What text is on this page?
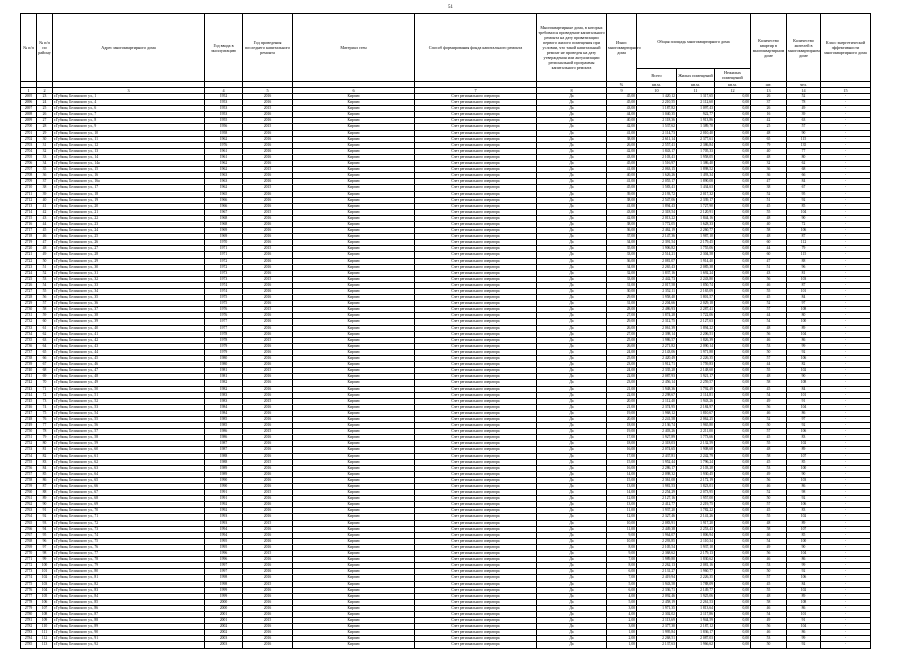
51
№ п/п	№ п/п по району	Адрес многоквартирного дома	Год ввода в эксплуатацию	Год проведения последнего капитального ремонта	Материал стен	Способ формирования фонда капитального ремонта	Многоквартирные дома, в которых требовался проведение капитального ремонта на дату приватизации первого жилого помещения при условии, что такой капитальный ремонт не проведен на дату утверждения или актуализации региональной программы капитального ремонта	Износ многоквартирного дома	Общая площадь многоквартирного дома			Количество квартир в многоквартирном доме	Количество жителей в многоквартирном доме	Класс энергетической эффективности многоквартирного дома
									Всего	Жилых помещений	Нежилых помещений			
								%	кв.м.	кв.м.	кв.м.	шт.	чел.	
1	2	3	4	5	6	7	8	9	10	11	12	13	14	15
2695	23	г.Губкин, Белинского ул., 1	1952	2016	Кирпич	Счет регионального оператора	Да	45,00	1 420,12	1 317,65	0,00	26	52	-
2696	24	г.Губкин, Белинского ул., 4	1953	2016	Кирпич	Счет регионального оператора	Да	45,00	2 210,55	2 112,60	0,00	37	78	-
2697	25	г.Губкин, Белинского ул., 6	1953	2015	Кирпич	Счет регионального оператора	Да	43,00	1 187,82	1 097,43	0,00	26	49	-
2698	26	г.Губкин, Белинского ул., 7	1953	2016	Кирпич	Счет регионального оператора	Да	44,00	1 040,35	922,77	0,00	16	39	-
2699	27	г.Губкин, Белинского ул., 8	1955	2016	Кирпич	Счет регионального оператора	Да	40,00	2 118,36	1 913,86	0,00	42	63	-
2700	28	г.Губкин, Белинского ул., 9	1956	2015	Кирпич	Счет регионального оператора	Да	42,00	1 537,62	1 389,70	0,00	25	57	-
2701	29	г.Губкин, Белинского ул., 10	1958	2016	Кирпич	Счет регионального оператора	Да	41,00	2 114,73	2 010,40	0,00	48	90	-
2702	30	г.Губкин, Белинского ул., 11	1962	2016	Кирпич	Счет регионального оператора	Да	38,00	2 611,14	2 377,61	0,00	65	115	-
2703	31	г.Губкин, Белинского ул., 12	1976	2016	Кирпич	Счет регионального оператора	Да	26,00	2 557,41	2 386,84	0,00	79	135	-
2704	32	г.Губкин, Белинского ул., 13	1961	2016	Кирпич	Счет регионального оператора	Да	42,00	1 843,17	1 705,33	0,00	40	77	-
2705	33	г.Губкин, Белинского ул., 14	1961	2016	Кирпич	Счет регионального оператора	Да	43,00	2 103,41	1 958,05	0,00	48	80	-
2706	34	г.Губкин, Белинского ул., 14а	1962	2016	Кирпич	Счет регионального оператора	Да	45,00	1 516,97	1 386,40	0,00	32	62	-
2707	35	г.Губкин, Белинского ул., 15	1962	2015	Кирпич	Счет регионального оператора	Да	41,00	2 063,15	1 898,52	0,00	36	68	-
2708	36	г.Губкин, Белинского ул., 16	1963	2016	Кирпич	Счет регионального оператора	Да	40,00	1 626,26	1 493,34	0,00	36	66	-
2709	37	г.Губкин, Белинского ул., 16а	1963	2016	Кирпич	Счет регионального оператора	Да	41,00	2 055,17	1 890,08	0,00	47	84	-
2710	38	г.Губкин, Белинского ул., 17	1962	2015	Кирпич	Счет регионального оператора	Да	45,00	1 583,41	1 434,63	0,00	38	67	-
2711	39	г.Губкин, Белинского ул., 18	1965	2016	Кирпич	Счет регионального оператора	Да	39,00	2 193,72	2 017,32	0,00	52	95	-
2712	40	г.Губкин, Белинского ул., 19	1966	2016	Кирпич	Счет регионального оператора	Да	38,00	2 547,06	2 339,17	0,00	51	92	-
2713	41	г.Губкин, Белинского ул., 20	1966	2016	Кирпич	Счет регионального оператора	Да	41,00	1 894,43	1 727,90	0,00	45	85	-
2714	42	г.Губкин, Белинского ул., 21	1967	2015	Кирпич	Счет регионального оператора	Да	43,00	2 318,54	2 120,91	0,00	55	104	-
2715	43	г.Губкин, Белинского ул., 22	1968	2016	Кирпич	Счет регионального оператора	Да	42,00	2 013,22	1 844,16	0,00	48	90	-
2716	44	г.Губкин, Белинского ул., 23	1968	2016	Кирпич	Счет регионального оператора	Да	38,00	1 772,05	1 628,33	0,00	40	72	-
2717	45	г.Губкин, Белинского ул., 24	1969	2016	Кирпич	Счет регионального оператора	Да	36,00	2 462,19	2 260,77	0,00	58	106	-
2718	46	г.Губкин, Белинского ул., 25	1969	2016	Кирпич	Счет регионального оператора	Да	37,00	2 147,36	1 987,10	0,00	48	87	-
2719	47	г.Губкин, Белинского ул., 26	1970	2016	Кирпич	Счет регионального оператора	Да	34,00	2 391,54	2 179,45	0,00	60	112	-
2720	48	г.Губкин, Белинского ул., 27	1971	2015	Кирпич	Счет регионального оператора	Да	35,00	1 906,82	1 755,06	0,00	44	79	-
2721	49	г.Губкин, Белинского ул., 28	1971	2016	Кирпич	Счет регионального оператора	Да	33,00	2 514,21	2 304,58	0,00	60	115	-
2722	50	г.Губкин, Белинского ул., 29	1972	2016	Кирпич	Счет регионального оператора	Да	36,00	2 081,07	1 914,40	0,00	47	88	-
2723	51	г.Губкин, Белинского ул., 30	1972	2016	Кирпич	Счет регионального оператора	Да	34,00	2 265,43	2 085,38	0,00	51	96	-
2724	52	г.Губкин, Белинского ул., 31	1973	2016	Кирпич	Счет регионального оператора	Да	32,00	1 837,16	1 692,24	0,00	43	81	-
2725	53	г.Губкин, Белинского ул., 32	1973	2015	Кирпич	Счет регионального оператора	Да	33,00	2 442,73	2 243,80	0,00	56	103	-
2726	54	г.Губкин, Белинского ул., 33	1974	2016	Кирпич	Счет регионального оператора	Да	31,00	2 017,58	1 850,74	0,00	46	87	-
2727	55	г.Губкин, Белинского ул., 34	1974	2016	Кирпич	Счет регионального оператора	Да	30,00	2 352,11	2 165,09	0,00	55	101	-
2728	56	г.Губкин, Белинского ул., 35	1975	2016	Кирпич	Счет регионального оператора	Да	29,00	1 958,40	1 801,57	0,00	45	84	-
2729	57	г.Губкин, Белинского ул., 36	1975	2016	Кирпич	Счет регионального оператора	Да	31,00	2 204,66	2 029,18	0,00	52	97	-
2730	58	г.Губкин, Белинского ул., 37	1976	2015	Кирпич	Счет регионального оператора	Да	28,00	2 486,93	2 287,41	0,00	57	108	-
2731	59	г.Губкин, Белинского ул., 38	1976	2016	Кирпич	Счет регионального оператора	Да	27,00	1 874,28	1 722,06	0,00	44	80	-
2732	60	г.Губкин, Белинского ул., 39	1977	2016	Кирпич	Счет регионального оператора	Да	29,00	2 312,75	2 127,63	0,00	54	100	-
2733	61	г.Губкин, Белинского ул., 40	1977	2016	Кирпич	Счет регионального оператора	Да	26,00	2 061,39	1 894,22	0,00	48	89	-
2734	62	г.Губкин, Белинского ул., 41	1978	2016	Кирпич	Счет регионального оператора	Да	27,00	2 398,14	2 206,51	0,00	56	104	-
2735	63	г.Губкин, Белинского ул., 42	1978	2015	Кирпич	Счет регионального оператора	Да	25,00	1 986,57	1 826,39	0,00	46	86	-
2736	64	г.Губкин, Белинского ул., 43	1979	2016	Кирпич	Счет регионального оператора	Да	26,00	2 271,82	2 090,14	0,00	53	99	-
2737	65	г.Губкин, Белинского ул., 44	1979	2016	Кирпич	Счет регионального оператора	Да	24,00	2 143,06	1 971,88	0,00	50	92	-
2738	66	г.Губкин, Белинского ул., 45	1980	2016	Кирпич	Счет регионального оператора	Да	25,00	2 420,49	2 226,35	0,00	57	106	-
2739	67	г.Губкин, Белинского ул., 46	1980	2016	Кирпич	Счет регионального оператора	Да	23,00	1 912,71	1 759,83	0,00	44	82	-
2740	68	г.Губкин, Белинского ул., 47	1981	2015	Кирпич	Счет регионального оператора	Да	24,00	2 335,28	2 148,60	0,00	55	102	-
2741	69	г.Губкин, Белинского ул., 48	1981	2016	Кирпич	Счет регионального оператора	Да	22,00	2 087,93	1 921,17	0,00	48	90	-
2742	70	г.Губкин, Белинского ул., 49	1982	2016	Кирпич	Счет регионального оператора	Да	23,00	2 456,14	2 259,57	0,00	58	108	-
2743	71	г.Губкин, Белинского ул., 50	1982	2016	Кирпич	Счет регионального оператора	Да	21,00	1 948,36	1 792,49	0,00	45	84	-
2744	72	г.Губкин, Белинского ул., 51	1983	2016	Кирпич	Счет регионального оператора	Да	22,00	2 298,67	2 114,81	0,00	54	101	-
2745	73	г.Губкин, Белинского ул., 52	1983	2015	Кирпич	Счет регионального оператора	Да	20,00	2 112,40	1 943,26	0,00	49	91	-
2746	74	г.Губкин, Белинского ул., 53	1984	2016	Кирпич	Счет регионального оператора	Да	21,00	2 374,95	2 184,97	0,00	56	104	-
2747	75	г.Губкин, Белинского ул., 54	1984	2016	Кирпич	Счет регионального оператора	Да	19,00	1 968,12	1 810,67	0,00	46	86	-
2748	76	г.Губкин, Белинского ул., 55	1985	2016	Кирпич	Счет регионального оператора	Да	20,00	2 241,58	2 062,25	0,00	52	97	-
2749	77	г.Губкин, Белинского ул., 56	1985	2016	Кирпич	Счет регионального оператора	Да	18,00	2 136,74	1 965,80	0,00	50	92	-
2750	78	г.Губкин, Белинского ул., 57	1986	2015	Кирпич	Счет регионального оператора	Да	19,00	2 403,26	2 211,00	0,00	57	106	-
2751	79	г.Губкин, Белинского ул., 58	1986	2016	Кирпич	Счет регионального оператора	Да	17,00	1 927,89	1 773,66	0,00	45	83	-
2752	80	г.Губкин, Белинского ул., 59	1987	2016	Кирпич	Счет регионального оператора	Да	18,00	2 318,03	2 132,59	0,00	55	102	-
2753	81	г.Губкин, Белинского ул., 60	1987	2016	Кирпич	Счет регионального оператора	Да	16,00	2 074,65	1 908,68	0,00	48	89	-
2754	82	г.Губкин, Белинского ул., 61	1988	2016	Кирпич	Счет регионального оператора	Да	17,00	2 437,81	2 242,79	0,00	58	107	-
2755	83	г.Губкин, Белинского ул., 62	1988	2015	Кирпич	Счет регионального оператора	Да	15,00	1 952,44	1 796,24	0,00	45	85	-
2756	84	г.Губкин, Белинского ул., 63	1989	2016	Кирпич	Счет регионального оператора	Да	16,00	2 286,17	2 103,28	0,00	53	100	-
2757	85	г.Губкин, Белинского ул., 64	1989	2016	Кирпич	Счет регионального оператора	Да	14,00	2 098,32	1 930,45	0,00	49	90	-
2758	86	г.Губкин, Белинского ул., 65	1990	2016	Кирпич	Счет регионального оператора	Да	15,00	2 361,08	2 172,19	0,00	56	103	-
2759	87	г.Губкин, Белинского ул., 66	1990	2016	Кирпич	Счет регионального оператора	Да	13,00	1 981,53	1 823,01	0,00	46	86	-
2760	88	г.Губкин, Белинского ул., 67	1991	2015	Кирпич	Счет регионального оператора	Да	14,00	2 254,29	2 073,95	0,00	52	98	-
2761	89	г.Губкин, Белинского ул., 68	1991	2016	Кирпич	Счет регионального оператора	Да	12,00	2 127,16	1 957,00	0,00	50	92	-
2762	90	г.Губкин, Белинского ул., 69	1992	2016	Кирпич	Счет регионального оператора	Да	13,00	2 412,77	2 219,75	0,00	57	106	-
2763	91	г.Губкин, Белинского ул., 70	1992	2016	Кирпич	Счет регионального оператора	Да	11,00	1 937,20	1 782,22	0,00	45	83	-
2764	92	г.Губкин, Белинского ул., 71	1993	2016	Кирпич	Счет регионального оператора	Да	12,00	2 327,46	2 141,26	0,00	55	102	-
2765	93	г.Губкин, Белинского ул., 72	1993	2015	Кирпич	Счет регионального оператора	Да	10,00	2 083,91	1 917,20	0,00	48	89	-
2766	94	г.Губкин, Белинского ул., 73	1994	2016	Кирпич	Счет регионального оператора	Да	11,00	2 449,38	2 253,43	0,00	58	107	-
2767	95	г.Губкин, Белинского ул., 74	1994	2016	Кирпич	Счет регионального оператора	Да	9,00	1 964,07	1 806,94	0,00	46	85	-
2768	96	г.Губкин, Белинского ул., 75	1995	2016	Кирпич	Счет регионального оператора	Да	10,00	2 293,85	2 110,34	0,00	54	100	-
2769	97	г.Губкин, Белинского ул., 76	1995	2016	Кирпич	Счет регионального оператора	Да	8,00	2 105,54	1 937,10	0,00	49	90	-
2770	98	г.Губкин, Белинского ул., 77	1996	2015	Кирпич	Счет регионального оператора	Да	9,00	2 368,62	2 179,13	0,00	56	104	-
2771	99	г.Губкин, Белинского ул., 78	1996	2016	Кирпич	Счет регионального оператора	Да	7,00	1 989,80	1 830,62	0,00	46	86	-
2772	100	г.Губкин, Белинского ул., 79	1997	2016	Кирпич	Счет регионального оператора	Да	8,00	2 262,13	2 081,16	0,00	53	99	-
2773	101	г.Губкин, Белинского ул., 80	1997	2016	Кирпич	Счет регионального оператора	Да	6,00	2 131,27	1 960,77	0,00	50	92	-
2774	102	г.Губкин, Белинского ул., 81	1998	2016	Кирпич	Счет регионального оператора	Да	7,00	2 419,94	2 226,35	0,00	57	106	-
2775	103	г.Губкин, Белинского ул., 82	1998	2015	Кирпич	Счет регионального оператора	Да	5,00	1 943,58	1 788,09	0,00	45	84	-
2776	104	г.Губкин, Белинского ул., 83	1999	2016	Кирпич	Счет регионального оператора	Да	6,00	2 336,71	2 149,77	0,00	55	102	-
2777	105	г.Губкин, Белинского ул., 84	1999	2016	Кирпич	Счет регионального оператора	Да	4,00	2 092,46	1 925,06	0,00	48	89	-
2778	106	г.Губкин, Белинского ул., 85	2000	2016	Кирпич	Счет регионального оператора	Да	5,00	2 458,19	2 261,53	0,00	58	108	-
2779	107	г.Губкин, Белинского ул., 86	2000	2016	Кирпич	Счет регионального оператора	Да	3,00	1 971,35	1 813,64	0,00	46	86	-
2780	108	г.Губкин, Белинского ул., 87	2001	2016	Кирпич	Счет регионального оператора	Да	4,00	2 302,02	2 117,86	0,00	54	101	-
2781	109	г.Губкин, Белинского ул., 88	2001	2015	Кирпич	Счет регионального оператора	Да	2,00	2 113,69	1 944,59	0,00	49	91	-
2782	110	г.Губкин, Белинского ул., 89	2002	2016	Кирпич	Счет регионального оператора	Да	3,00	2 377,30	2 187,12	0,00	56	104	-
2783	111	г.Губкин, Белинского ул., 90	2002	2016	Кирпич	Счет регионального оператора	Да	1,00	1 995,84	1 836,17	0,00	46	86	-
2784	112	г.Губкин, Белинского ул., 91	2003	2016	Кирпич	Счет регионального оператора	Да	2,00	2 268,51	2 087,03	0,00	53	99	-
2785	113	г.Губкин, Белинского ул., 92	2003	2016	Кирпич	Счет регионального оператора	Да	1,00	2 137,63	1 966,62	0,00	50	92	-
